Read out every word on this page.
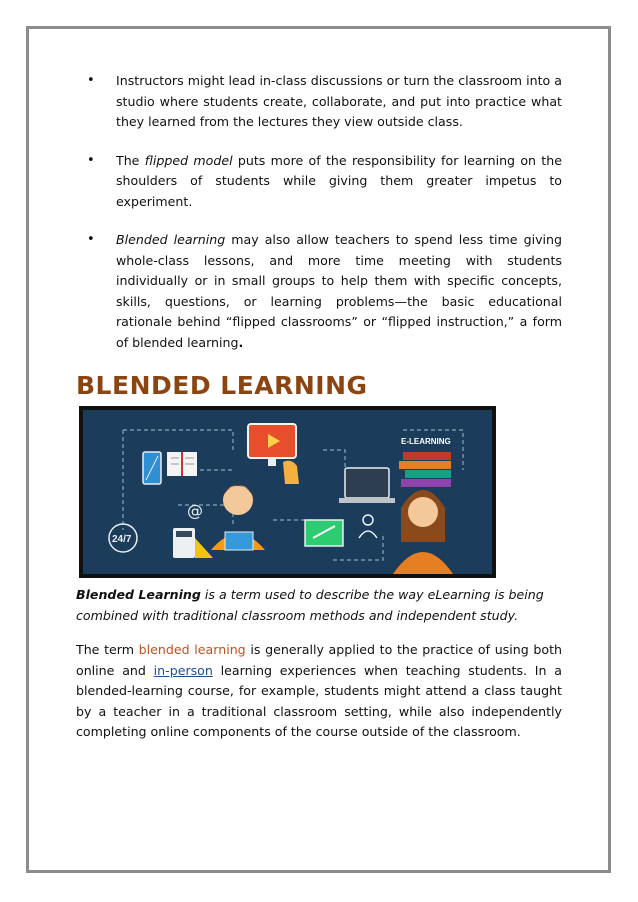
• Instructors might lead in-class discussions or turn the classroom into a studio where students create, collaborate, and put into practice what they learned from the lectures they view outside class.
• The flipped model puts more of the responsibility for learning on the shoulders of students while giving them greater impetus to experiment.
• Blended learning may also allow teachers to spend less time giving whole-class lessons, and more time meeting with students individually or in small groups to help them with specific concepts, skills, questions, or learning problems—the basic educational rationale behind “flipped classrooms” or “flipped instruction,” a form of blended learning.
BLENDED LEARNING
E-LEARNING
@
24/7
Blended Learning is a term used to describe the way eLearning is being combined with traditional classroom methods and independent study.
The term blended learning is generally applied to the practice of using both online and in-person learning experiences when teaching students. In a blended-learning course, for example, students might attend a class taught by a teacher in a traditional classroom setting, while also independently completing online components of the course outside of the classroom.
